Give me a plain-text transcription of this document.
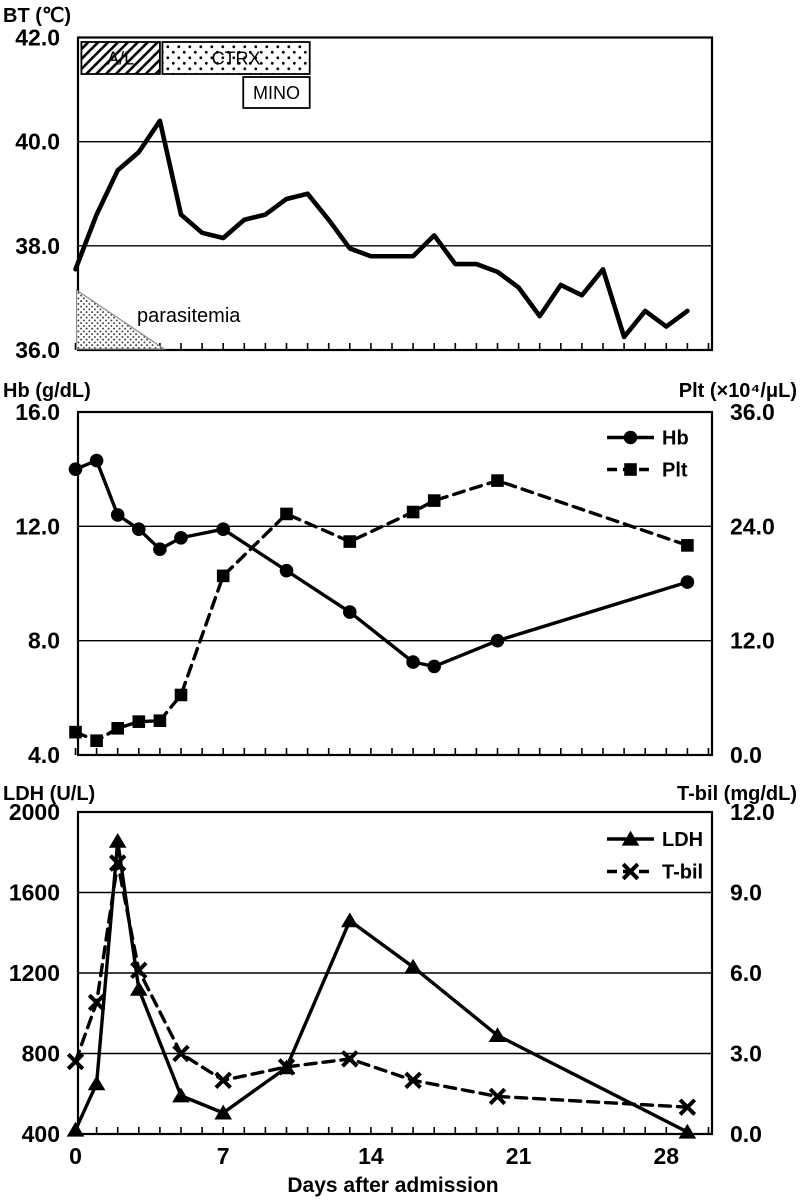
42.0
40.0
38.0
36.0
BT (℃)
A/L	CTRX
MINO
parasitemia
16.0
12.0
8.0
4.0
36.0
24.0
12.0
0.0
Hb (g/dL)	Plt (×10⁴/μL)
Hb
Plt
2000
1600
1200
800
400
12.0
9.0
6.0
3.0
0.0
LDH (U/L)	T-bil (mg/dL)
LDH
T-bil
0	7	14	21	28
Days after admission
